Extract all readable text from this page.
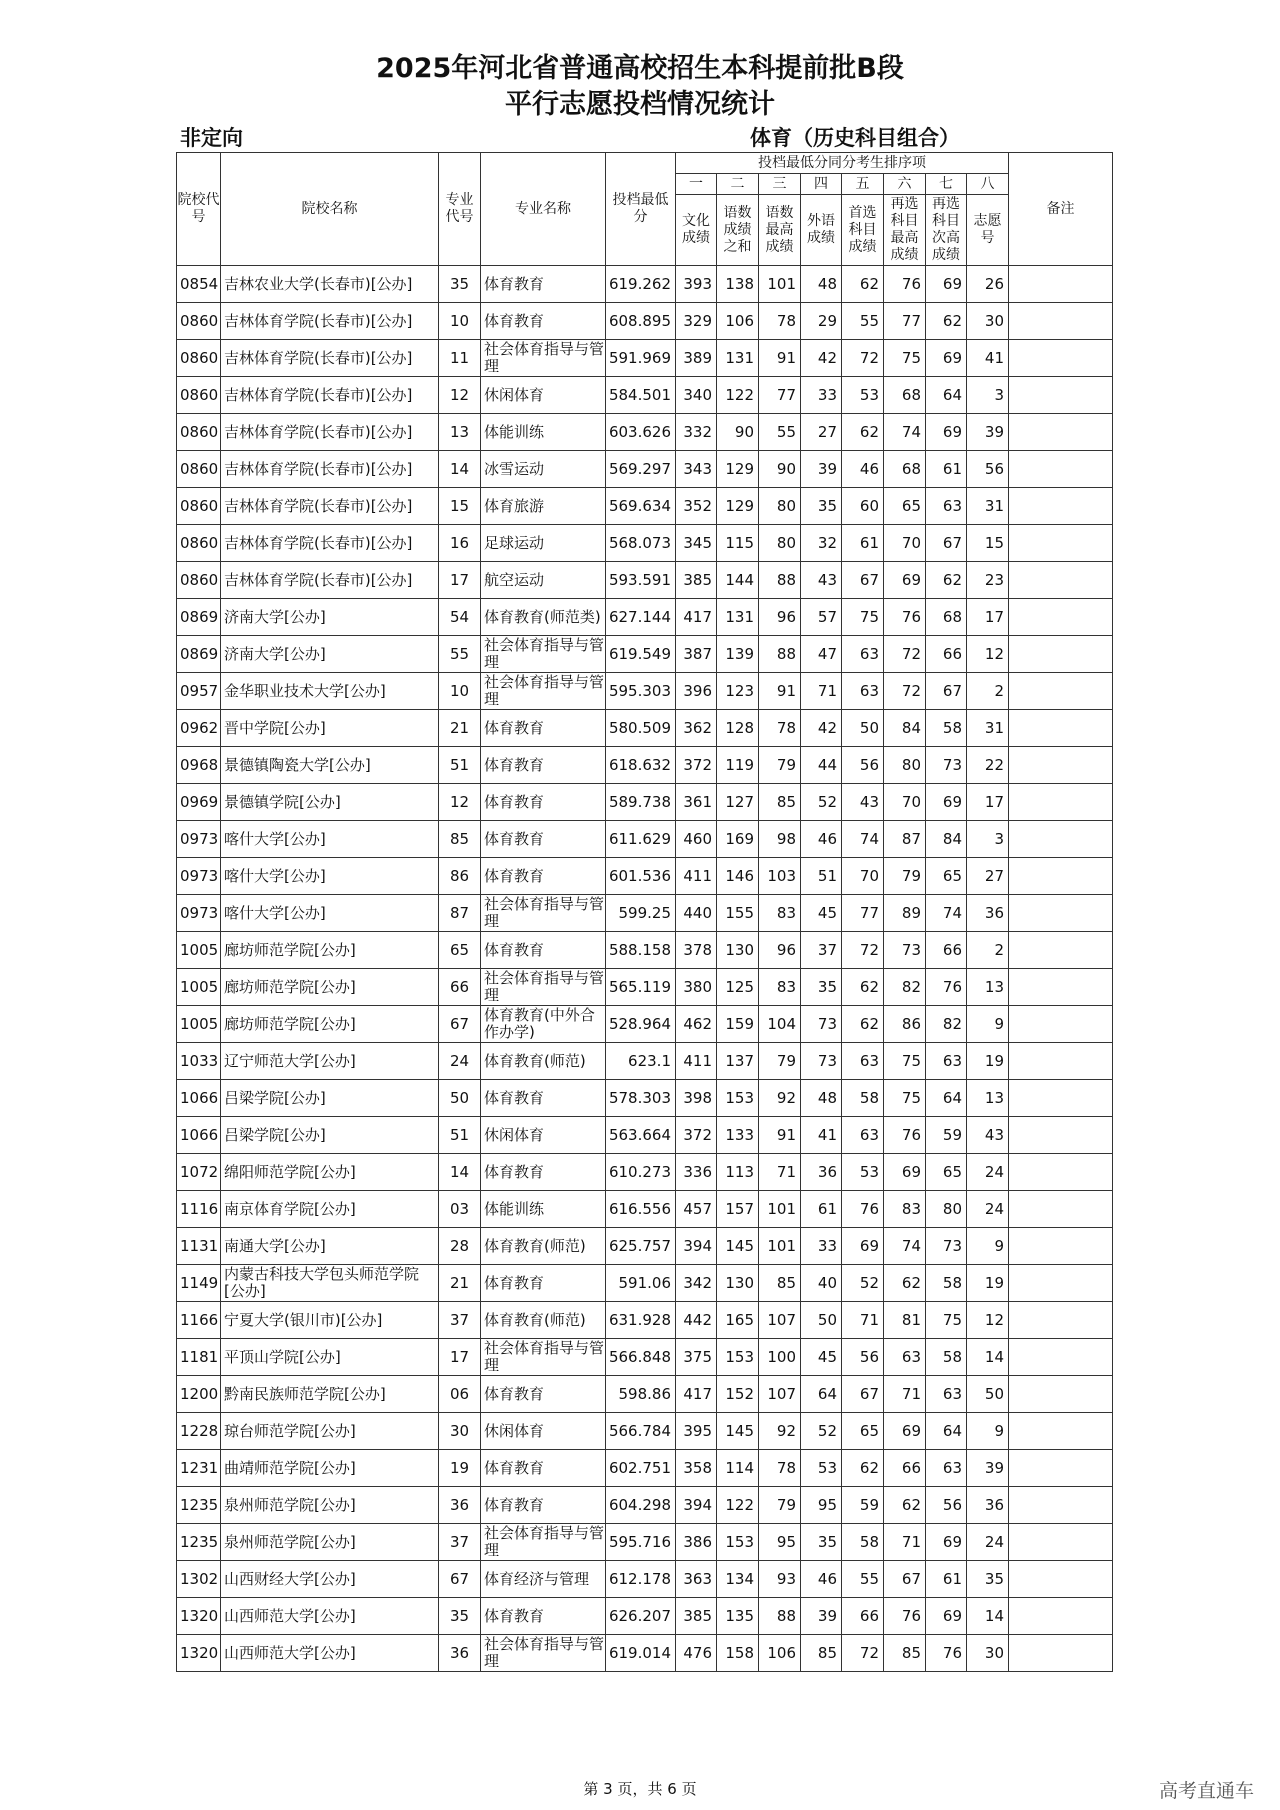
2025年河北省普通高校招生本科提前批B段
平行志愿投档情况统计
非定向	体育（历史科目组合）
院校代号	院校名称	专业代号	专业名称	投档最低分	投档最低分同分考生排序项								备注
					一	二	三	四	五	六	七	八	
					文化成绩	语数成绩之和	语数最高成绩	外语成绩	首选科目成绩	再选科目最高成绩	再选科目次高成绩	志愿号	
0854	吉林农业大学(长春市)[公办]	35	体育教育	619.262	393	138	101	48	62	76	69	26	
0860	吉林体育学院(长春市)[公办]	10	体育教育	608.895	329	106	78	29	55	77	62	30	
0860	吉林体育学院(长春市)[公办]	11	社会体育指导与管理	591.969	389	131	91	42	72	75	69	41	
0860	吉林体育学院(长春市)[公办]	12	休闲体育	584.501	340	122	77	33	53	68	64	3	
0860	吉林体育学院(长春市)[公办]	13	体能训练	603.626	332	90	55	27	62	74	69	39	
0860	吉林体育学院(长春市)[公办]	14	冰雪运动	569.297	343	129	90	39	46	68	61	56	
0860	吉林体育学院(长春市)[公办]	15	体育旅游	569.634	352	129	80	35	60	65	63	31	
0860	吉林体育学院(长春市)[公办]	16	足球运动	568.073	345	115	80	32	61	70	67	15	
0860	吉林体育学院(长春市)[公办]	17	航空运动	593.591	385	144	88	43	67	69	62	23	
0869	济南大学[公办]	54	体育教育(师范类)	627.144	417	131	96	57	75	76	68	17	
0869	济南大学[公办]	55	社会体育指导与管理	619.549	387	139	88	47	63	72	66	12	
0957	金华职业技术大学[公办]	10	社会体育指导与管理	595.303	396	123	91	71	63	72	67	2	
0962	晋中学院[公办]	21	体育教育	580.509	362	128	78	42	50	84	58	31	
0968	景德镇陶瓷大学[公办]	51	体育教育	618.632	372	119	79	44	56	80	73	22	
0969	景德镇学院[公办]	12	体育教育	589.738	361	127	85	52	43	70	69	17	
0973	喀什大学[公办]	85	体育教育	611.629	460	169	98	46	74	87	84	3	
0973	喀什大学[公办]	86	体育教育	601.536	411	146	103	51	70	79	65	27	
0973	喀什大学[公办]	87	社会体育指导与管理	599.25	440	155	83	45	77	89	74	36	
1005	廊坊师范学院[公办]	65	体育教育	588.158	378	130	96	37	72	73	66	2	
1005	廊坊师范学院[公办]	66	社会体育指导与管理	565.119	380	125	83	35	62	82	76	13	
1005	廊坊师范学院[公办]	67	体育教育(中外合作办学)	528.964	462	159	104	73	62	86	82	9	
1033	辽宁师范大学[公办]	24	体育教育(师范)	623.1	411	137	79	73	63	75	63	19	
1066	吕梁学院[公办]	50	体育教育	578.303	398	153	92	48	58	75	64	13	
1066	吕梁学院[公办]	51	休闲体育	563.664	372	133	91	41	63	76	59	43	
1072	绵阳师范学院[公办]	14	体育教育	610.273	336	113	71	36	53	69	65	24	
1116	南京体育学院[公办]	03	体能训练	616.556	457	157	101	61	76	83	80	24	
1131	南通大学[公办]	28	体育教育(师范)	625.757	394	145	101	33	69	74	73	9	
1149	内蒙古科技大学包头师范学院[公办]	21	体育教育	591.06	342	130	85	40	52	62	58	19	
1166	宁夏大学(银川市)[公办]	37	体育教育(师范)	631.928	442	165	107	50	71	81	75	12	
1181	平顶山学院[公办]	17	社会体育指导与管理	566.848	375	153	100	45	56	63	58	14	
1200	黔南民族师范学院[公办]	06	体育教育	598.86	417	152	107	64	67	71	63	50	
1228	琼台师范学院[公办]	30	休闲体育	566.784	395	145	92	52	65	69	64	9	
1231	曲靖师范学院[公办]	19	体育教育	602.751	358	114	78	53	62	66	63	39	
1235	泉州师范学院[公办]	36	体育教育	604.298	394	122	79	95	59	62	56	36	
1235	泉州师范学院[公办]	37	社会体育指导与管理	595.716	386	153	95	35	58	71	69	24	
1302	山西财经大学[公办]	67	体育经济与管理	612.178	363	134	93	46	55	67	61	35	
1320	山西师范大学[公办]	35	体育教育	626.207	385	135	88	39	66	76	69	14	
1320	山西师范大学[公办]	36	社会体育指导与管理	619.014	476	158	106	85	72	85	76	30	
第 3 页，共 6 页	高考直通车
